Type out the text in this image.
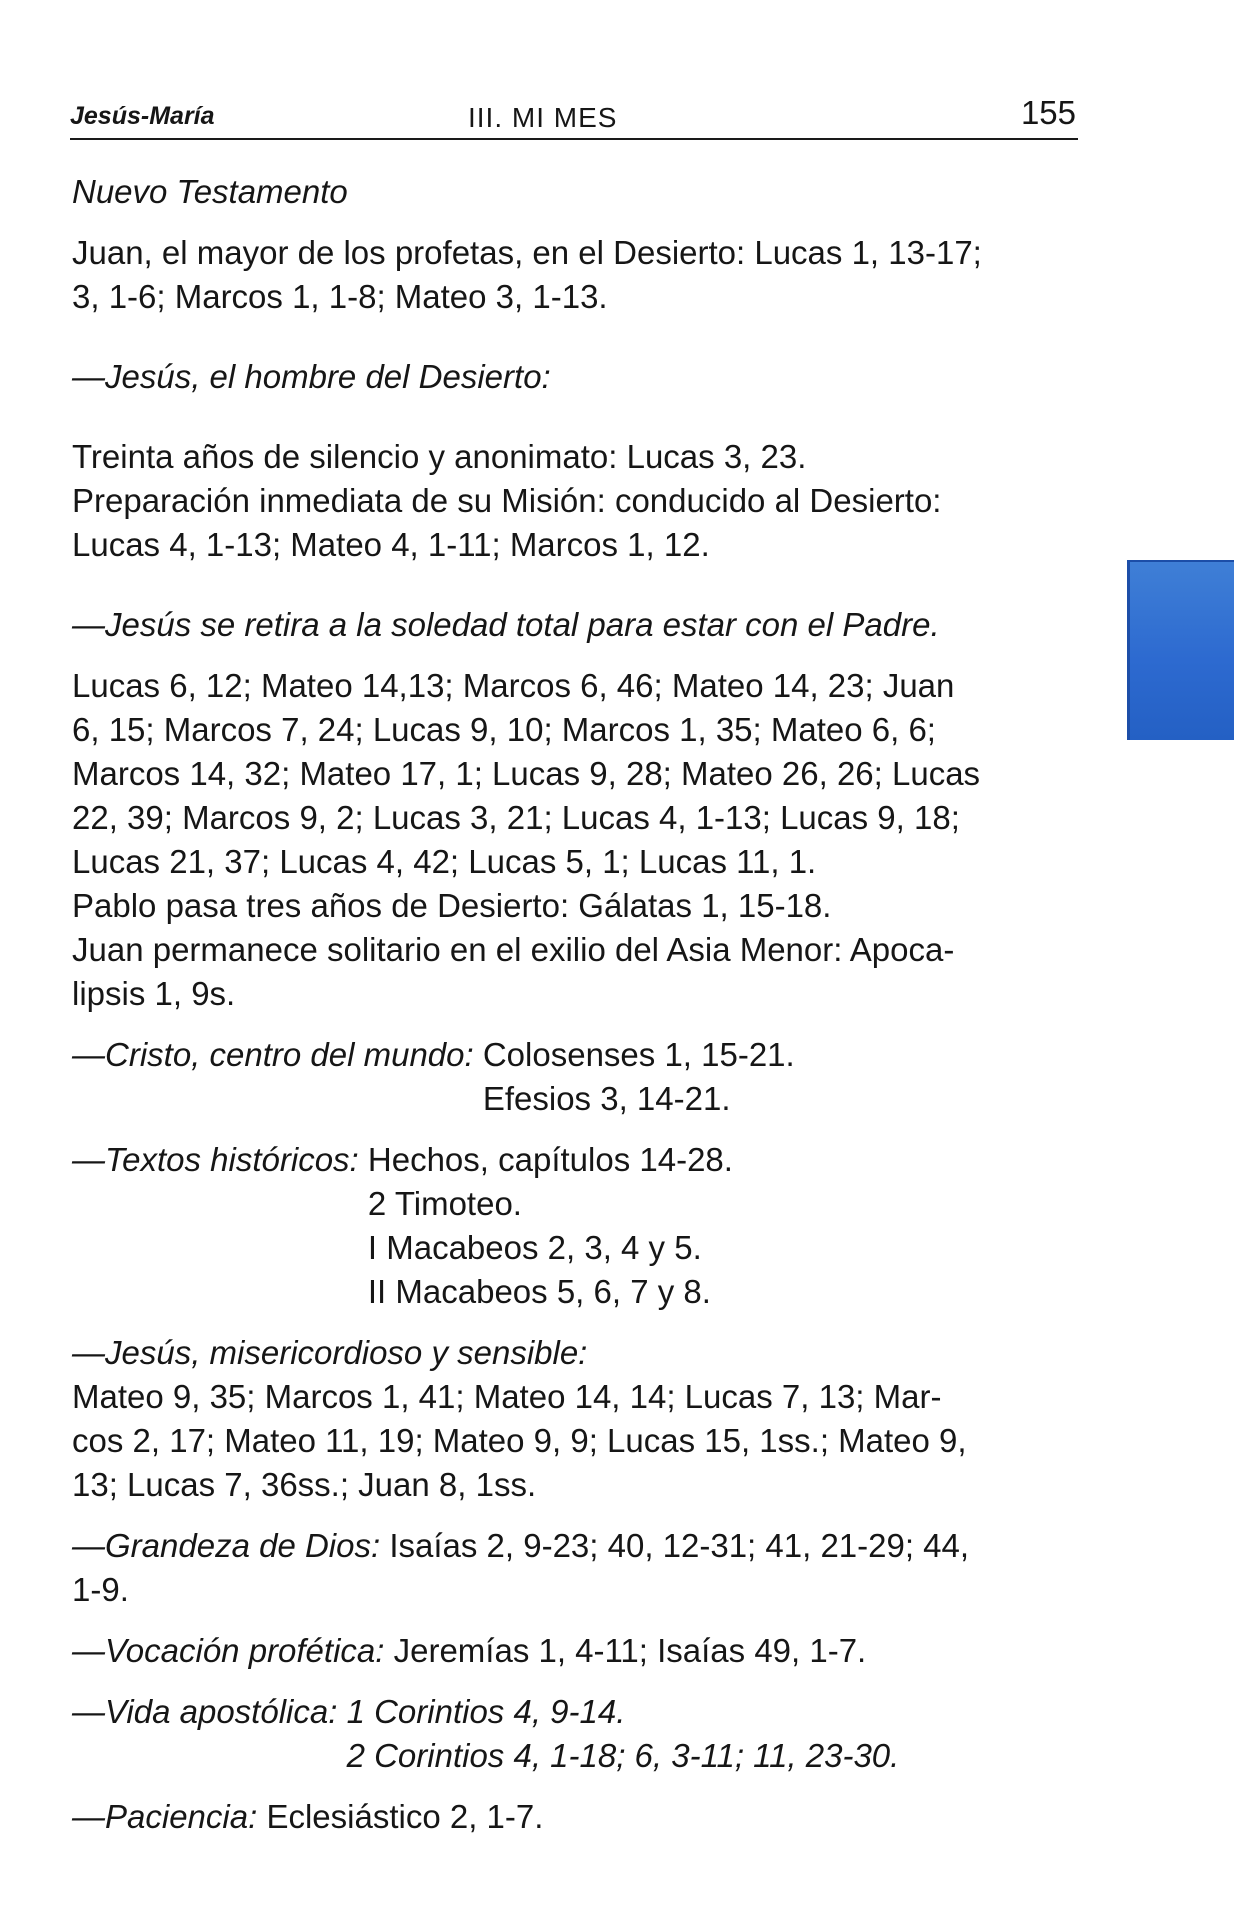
Jesús-María	III. MI MES	155

Nuevo Testamento

Juan, el mayor de los profetas, en el Desierto: Lucas 1, 13-17;

3, 1-6; Marcos 1, 1-8; Mateo 3, 1-13.

—Jesús, el hombre del Desierto:

Treinta años de silencio y anonimato: Lucas 3, 23.

Preparación inmediata de su Misión: conducido al Desierto:

Lucas 4, 1-13; Mateo 4, 1-11; Marcos 1, 12.

—Jesús se retira a la soledad total para estar con el Padre.

Lucas 6, 12; Mateo 14,13; Marcos 6, 46; Mateo 14, 23; Juan

6, 15; Marcos 7, 24; Lucas 9, 10; Marcos 1, 35; Mateo 6, 6;

Marcos 14, 32; Mateo 17, 1; Lucas 9, 28; Mateo 26, 26; Lucas

22, 39; Marcos 9, 2; Lucas 3, 21; Lucas 4, 1-13; Lucas 9, 18;

Lucas 21, 37; Lucas 4, 42; Lucas 5, 1; Lucas 11, 1.

Pablo pasa tres años de Desierto: Gálatas 1, 15-18.

Juan permanece solitario en el exilio del Asia Menor: Apoca-

lipsis 1, 9s.

—Cristo, centro del mundo: Colosenses 1, 15-21.
Efesios 3, 14-21.
—Textos históricos: Hechos, capítulos 14-28.
2 Timoteo.
I Macabeos 2, 3, 4 y 5.
II Macabeos 5, 6, 7 y 8.

—Jesús, misericordioso y sensible:

Mateo 9, 35; Marcos 1, 41; Mateo 14, 14; Lucas 7, 13; Mar-

cos 2, 17; Mateo 11, 19; Mateo 9, 9; Lucas 15, 1ss.; Mateo 9,

13; Lucas 7, 36ss.; Juan 8, 1ss.

—Grandeza de Dios: Isaías 2, 9-23; 40, 12-31; 41, 21-29; 44,

1-9.

—Vocación profética: Jeremías 1, 4-11; Isaías 49, 1-7.

—Vida apostólica: 1 Corintios 4, 9-14.
2 Corintios 4, 1-18; 6, 3-11; 11, 23-30.

—Paciencia: Eclesiástico 2, 1-7.
